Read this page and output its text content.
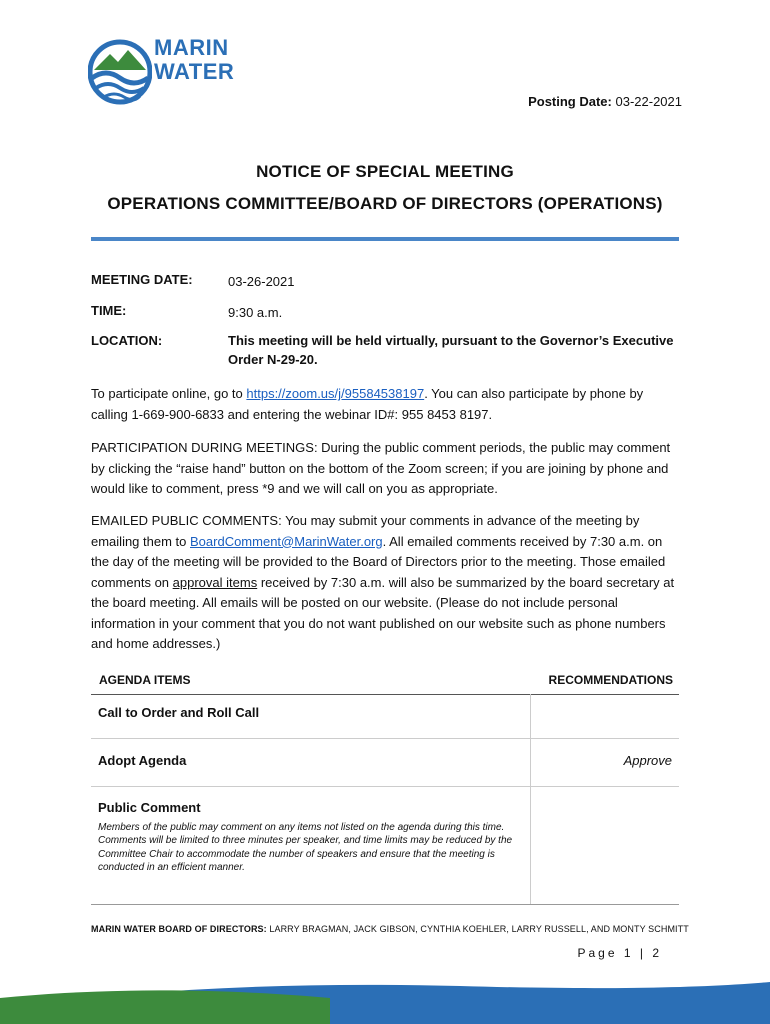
MARIN
WATER
Posting Date: 03-22-2021
NOTICE OF SPECIAL MEETING
OPERATIONS COMMITTEE/BOARD OF DIRECTORS (OPERATIONS)
MEETING DATE:	03-26-2021
TIME:	9:30 a.m.
LOCATION:	This meeting will be held virtually, pursuant to the Governor’s Executive Order N-29-20.
To participate online, go to https://zoom.us/j/95584538197. You can also participate by phone by calling 1-669-900-6833 and entering the webinar ID#: 955 8453 8197.
PARTICIPATION DURING MEETINGS: During the public comment periods, the public may comment by clicking the “raise hand” button on the bottom of the Zoom screen; if you are joining by phone and would like to comment, press *9 and we will call on you as appropriate.
EMAILED PUBLIC COMMENTS: You may submit your comments in advance of the meeting by emailing them to BoardComment@MarinWater.org. All emailed comments received by 7:30 a.m. on the day of the meeting will be provided to the Board of Directors prior to the meeting. Those emailed comments on approval items received by 7:30 a.m. will also be summarized by the board secretary at the board meeting. All emails will be posted on our website. (Please do not include personal information in your comment that you do not want published on our website such as phone numbers and home addresses.)
AGENDA ITEMS	RECOMMENDATIONS
Call to Order and Roll Call
Adopt Agenda	Approve
Public Comment
Members of the public may comment on any items not listed on the agenda during this time. Comments will be limited to three minutes per speaker, and time limits may be reduced by the Committee Chair to accommodate the number of speakers and ensure that the meeting is conducted in an efficient manner.
MARIN WATER BOARD OF DIRECTORS: LARRY BRAGMAN, JACK GIBSON, CYNTHIA KOEHLER, LARRY RUSSELL, AND MONTY SCHMITT
Page 1 | 2
